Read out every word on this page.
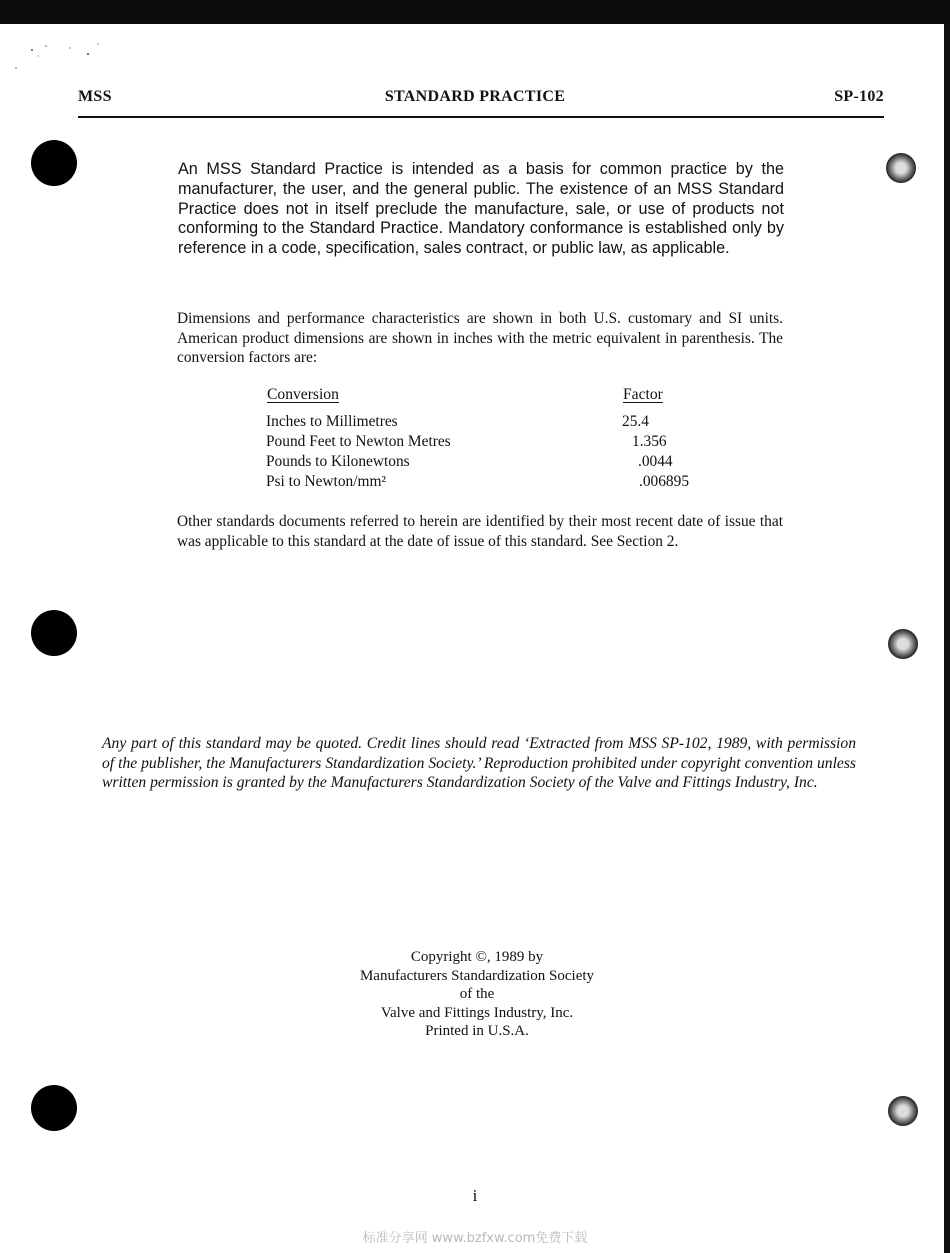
MSS	STANDARD PRACTICE	SP-102

An MSS Standard Practice is intended as a basis for common practice by the manufacturer, the user, and the general public. The existence of an MSS Standard Practice does not in itself preclude the manufacture, sale, or use of products not conforming to the Standard Practice. Mandatory conformance is established only by reference in a code, specification, sales contract, or public law, as applicable.

Dimensions and performance characteristics are shown in both U.S. customary and SI units. American product dimensions are shown in inches with the metric equivalent in parenthesis. The conversion factors are:

Conversion	Factor
Inches to Millimetres	25.4
Pound Feet to Newton Metres	1.356
Pounds to Kilonewtons	.0044
Psi to Newton/mm²	.006895

Other standards documents referred to herein are identified by their most recent date of issue that was applicable to this standard at the date of issue of this standard. See Section 2.

Any part of this standard may be quoted. Credit lines should read ‘Extracted from MSS SP-102, 1989, with permission of the publisher, the Manufacturers Standardization Society.’ Reproduction prohibited under copyright convention unless written permission is granted by the Manufacturers Standardization Society of the Valve and Fittings Industry, Inc.

Copyright ©, 1989 by
Manufacturers Standardization Society
of the
Valve and Fittings Industry, Inc.
Printed in U.S.A.
i
标准分享网 www.bzfxw.com免费下载
